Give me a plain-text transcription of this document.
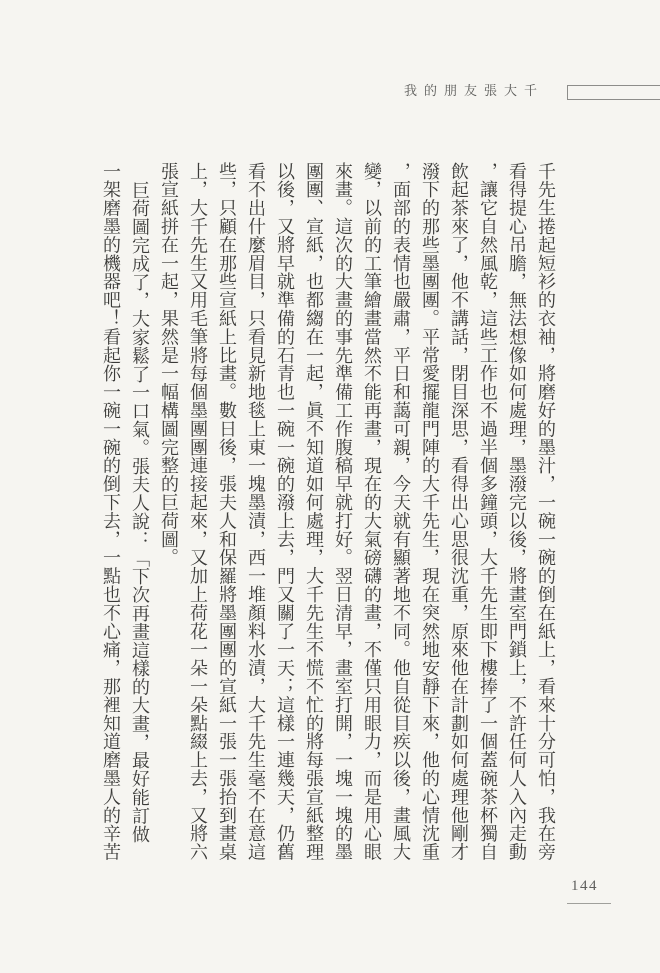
我的朋友張大千
千先生捲起短衫的衣袖，將磨好的墨汁，一碗一碗的倒在紙上，看來十分可怕，我在旁
看得提心吊膽，無法想像如何處理，墨潑完以後，將畫室門鎖上，不許任何人入內走動
，讓它自然風乾，這些工作也不過半個多鐘頭，大千先生即下樓捧了一個蓋碗茶杯獨自
飲起茶來了，他不講話，閉目深思，看得出心思很沈重，原來他在計劃如何處理他剛才
潑下的那些墨團團。平常愛擺龍門陣的大千先生，現在突然地安靜下來，他的心情沈重
，面部的表情也嚴肅，平日和藹可親，今天就有顯著地不同。他自從目疾以後，畫風大
變，以前的工筆繪畫當然不能再畫，現在的大氣磅礴的畫，不僅只用眼力，而是用心眼
來畫。這次的大畫的事先準備工作腹稿早就打好。翌日清早，畫室打開，一塊一塊的墨
團團、宣紙，也都縐在一起，眞不知道如何處理，大千先生不慌不忙的將每張宣紙整理
以後，又將早就準備的石青也一碗一碗的潑上去，門又關了一天；這樣一連幾天，仍舊
看不出什麼眉目，只看見新地毯上東一塊墨漬，西一堆顏料水漬，大千先生毫不在意這
些，只顧在那些宣紙上比畫。數日後，張夫人和保羅將墨團團的宣紙一張一張抬到畫桌
上，大千先生又用毛筆將每個墨團團連接起來，又加上荷花一朵一朵點綴上去，又將六
張宣紙拼在一起，果然是一幅構圖完整的巨荷圖。
巨荷圖完成了，大家鬆了一口氣。張夫人說：「下次再畫這樣的大畫，最好能訂做
一架磨墨的機器吧！看起你一碗一碗的倒下去，一點也不心痛，那裡知道磨墨人的辛苦
144
